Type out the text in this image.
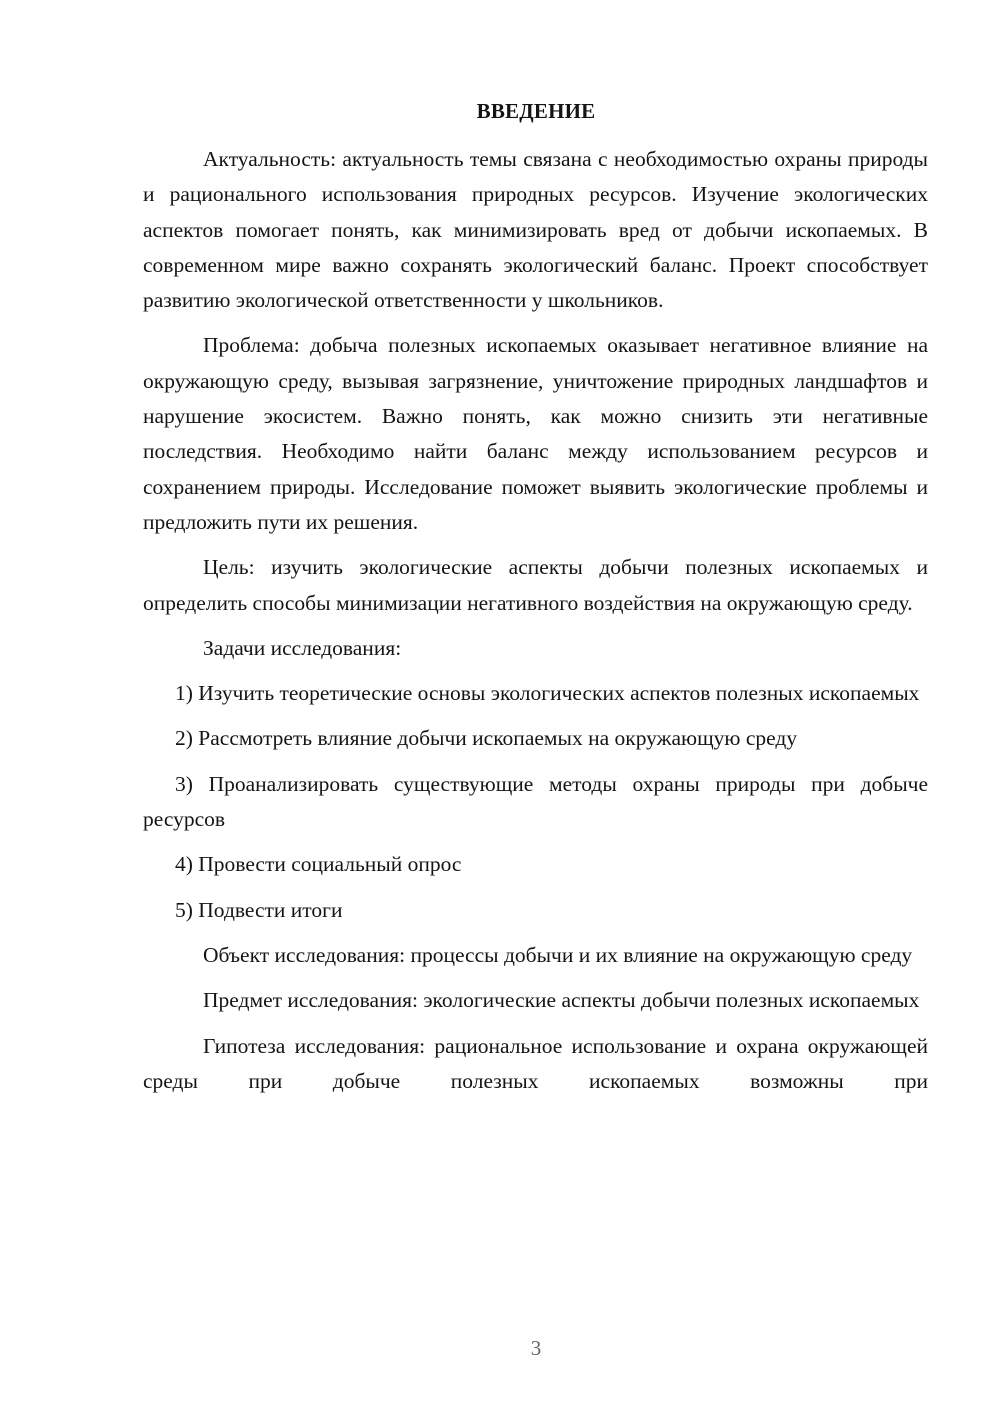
ВВЕДЕНИЕ

Актуальность: актуальность темы связана с необходимостью охраны природы и рационального использования природных ресурсов. Изучение экологических аспектов помогает понять, как минимизировать вред от добычи ископаемых. В современном мире важно сохранять экологический баланс. Проект способствует развитию экологической ответственности у школьников.

Проблема: добыча полезных ископаемых оказывает негативное влияние на окружающую среду, вызывая загрязнение, уничтожение природных ландшафтов и нарушение экосистем. Важно понять, как можно снизить эти негативные последствия. Необходимо найти баланс между использованием ресурсов и сохранением природы. Исследование поможет выявить экологические проблемы и предложить пути их решения.

Цель: изучить экологические аспекты добычи полезных ископаемых и определить способы минимизации негативного воздействия на окружающую среду.

Задачи исследования:

1) Изучить теоретические основы экологических аспектов полезных ископаемых

2) Рассмотреть влияние добычи ископаемых на окружающую среду

3) Проанализировать существующие методы охраны природы при добыче ресурсов

4) Провести социальный опрос

5) Подвести итоги

Объект исследования: процессы добычи и их влияние на окружающую среду

Предмет исследования: экологические аспекты добычи полезных ископаемых

Гипотеза исследования: рациональное использование и охрана окружающей среды при добыче полезных ископаемых возможны при

3
